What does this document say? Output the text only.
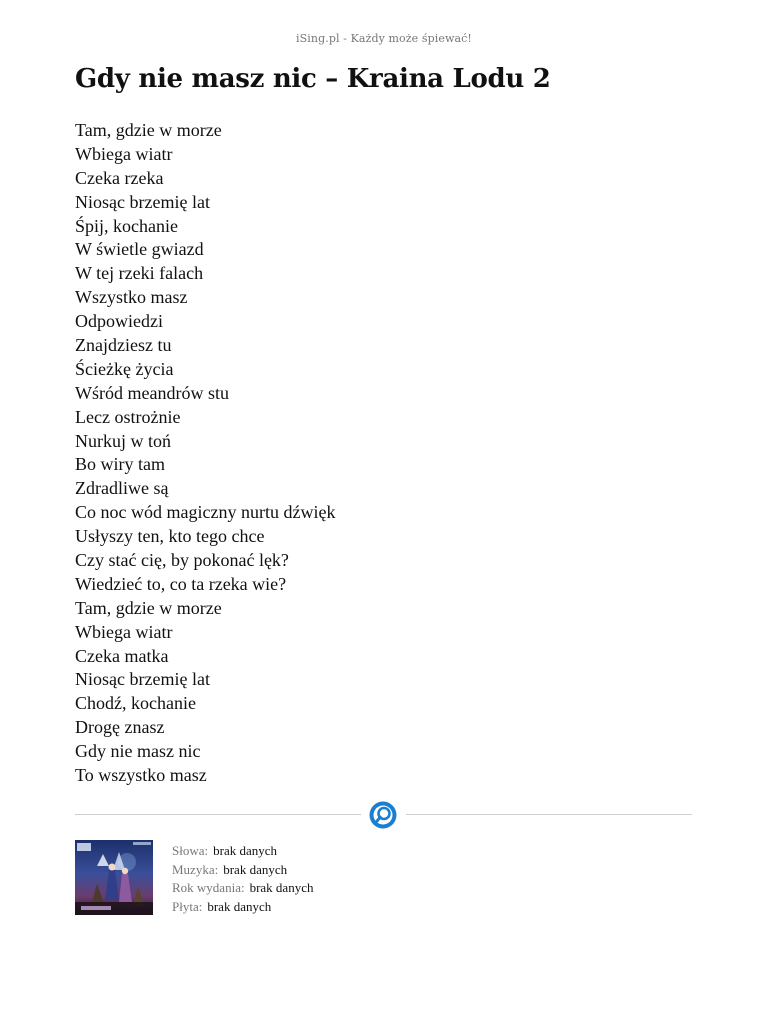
iSing.pl - Każdy może śpiewać!
Gdy nie masz nic – Kraina Lodu 2
Tam, gdzie w morze
Wbiega wiatr
Czeka rzeka
Niosąc brzemię lat
Śpij, kochanie
W świetle gwiazd
W tej rzeki falach
Wszystko masz
Odpowiedzi
Znajdziesz tu
Ścieżkę życia
Wśród meandrów stu
Lecz ostrożnie
Nurkuj w toń
Bo wiry tam
Zdradliwe są
Co noc wód magiczny nurtu dźwięk
Usłyszy ten, kto tego chce
Czy stać cię, by pokonać lęk?
Wiedzieć to, co ta rzeka wie?
Tam, gdzie w morze
Wbiega wiatr
Czeka matka
Niosąc brzemię lat
Chodź, kochanie
Drogę znasz
Gdy nie masz nic
To wszystko masz
Słowa: brak danych
Muzyka: brak danych
Rok wydania: brak danych
Płyta: brak danych
